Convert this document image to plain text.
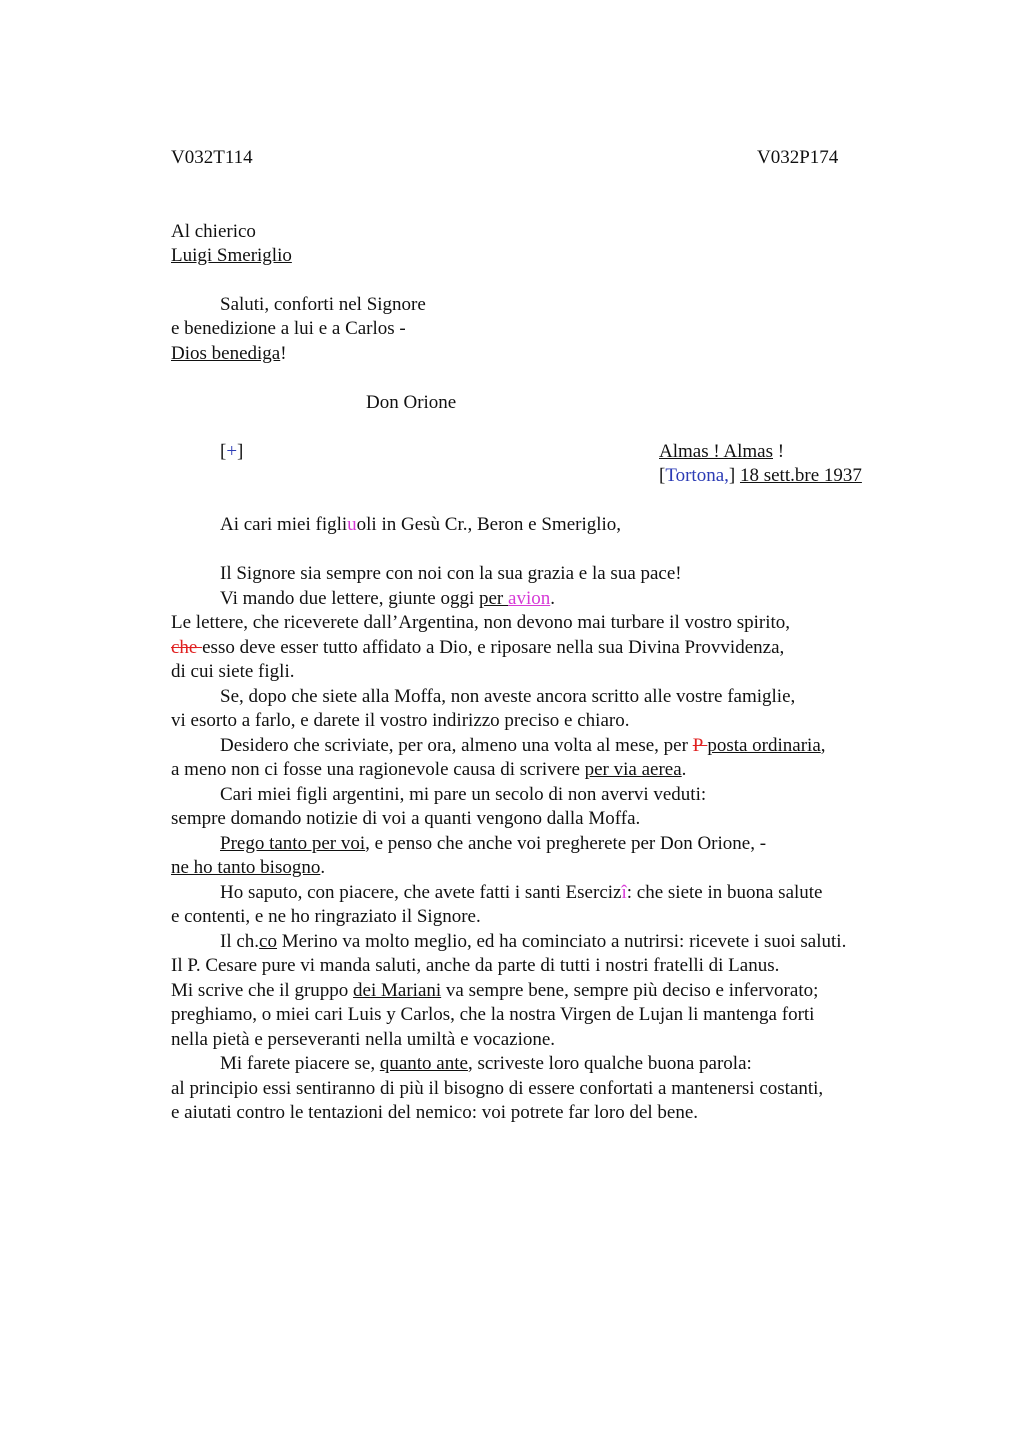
V032T114	V032P174
Al chierico
Luigi Smeriglio
Saluti, conforti nel Signore
e benedizione a lui e a Carlos -
Dios benediga!
Don Orione
[+]	Almas ! Almas !
[Tortona,] 18 sett.bre 1937
Ai cari miei figliuoli in Gesù Cr., Beron e Smeriglio,
Il Signore sia sempre con noi con la sua grazia e la sua pace!
Vi mando due lettere, giunte oggi per avion.
Le lettere, che riceverete dall’Argentina, non devono mai turbare il vostro spirito,
che esso deve esser tutto affidato a Dio, e riposare nella sua Divina Provvidenza,
di cui siete figli.
Se, dopo che siete alla Moffa, non aveste ancora scritto alle vostre famiglie,
vi esorto a farlo, e darete il vostro indirizzo preciso e chiaro.
Desidero che scriviate, per ora, almeno una volta al mese, per P posta ordinaria,
a meno non ci fosse una ragionevole causa di scrivere per via aerea.
Cari miei figli argentini, mi pare un secolo di non avervi veduti:
sempre domando notizie di voi a quanti vengono dalla Moffa.
Prego tanto per voi, e penso che anche voi pregherete per Don Orione, -
ne ho tanto bisogno.
Ho saputo, con piacere, che avete fatti i santi Esercizî: che siete in buona salute
e contenti, e ne ho ringraziato il Signore.
Il ch.co Merino va molto meglio, ed ha cominciato a nutrirsi: ricevete i suoi saluti.
Il P. Cesare pure vi manda saluti, anche da parte di tutti i nostri fratelli di Lanus.
Mi scrive che il gruppo dei Mariani va sempre bene, sempre più deciso e infervorato;
preghiamo, o miei cari Luis y Carlos, che la nostra Virgen de Lujan li mantenga forti
nella pietà e perseveranti nella umiltà e vocazione.
Mi farete piacere se, quanto ante, scriveste loro qualche buona parola:
al principio essi sentiranno di più il bisogno di essere confortati a mantenersi costanti,
e aiutati contro le tentazioni del nemico: voi potrete far loro del bene.
